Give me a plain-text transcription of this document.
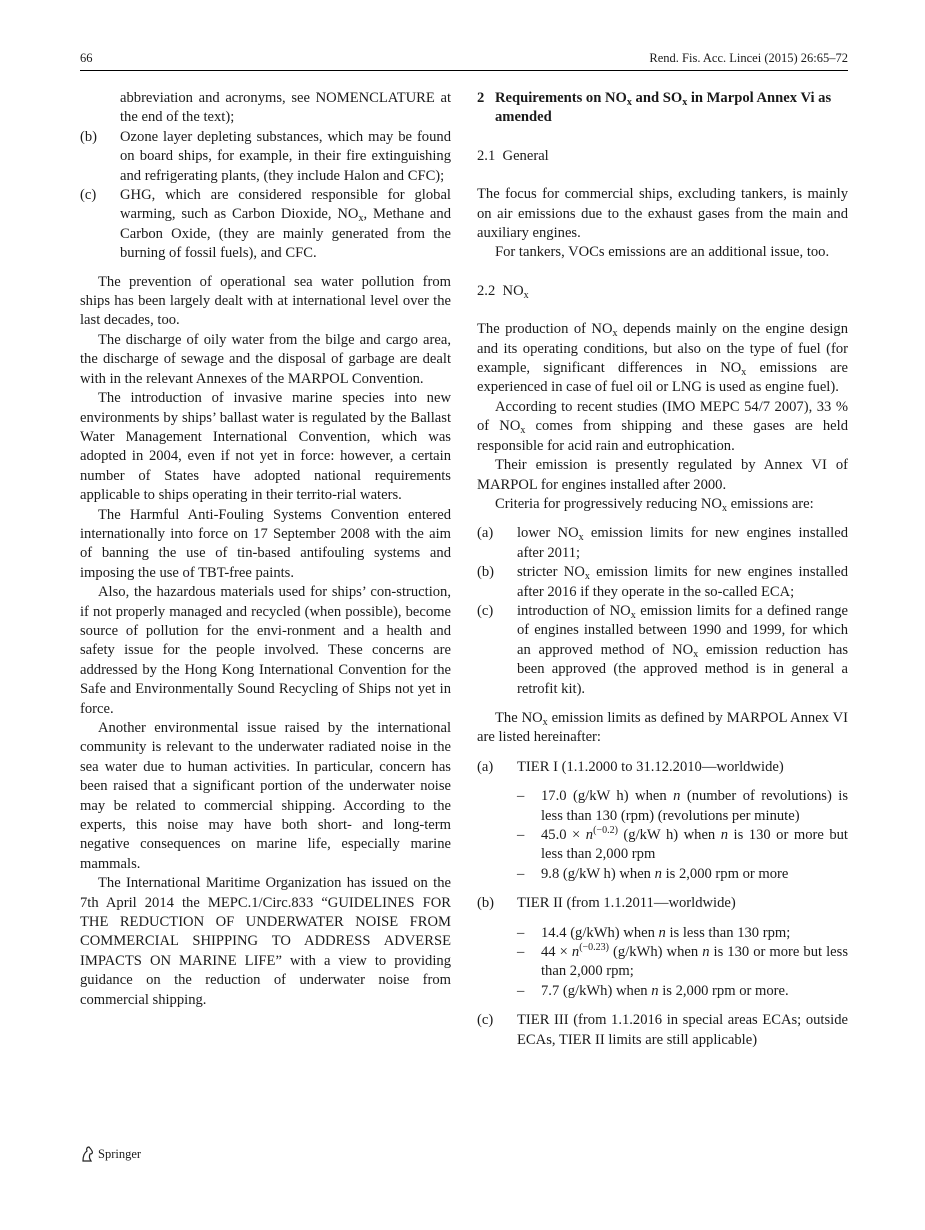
66	Rend. Fis. Acc. Lincei (2015) 26:65–72

abbreviation and acronyms, see NOMENCLATURE at the end of the text);

(b)	Ozone layer depleting substances, which may be found on board ships, for example, in their fire extinguishing and refrigerating plants, (they include Halon and CFC);
(c)	GHG, which are considered responsible for global warming, such as Carbon Dioxide, $NO_x$, Methane and Carbon Oxide, (they are mainly generated from the burning of fossil fuels), and CFC.

The prevention of operational sea water pollution from ships has been largely dealt with at international level over the last decades, too.

The discharge of oily water from the bilge and cargo area, the discharge of sewage and the disposal of garbage are dealt with in the relevant Annexes of the MARPOL Convention.

The introduction of invasive marine species into new environments by ships’ ballast water is regulated by the Ballast Water Management International Convention, which was adopted in 2004, even if not yet in force: however, a certain number of States have adopted national requirements applicable to ships operating in their territo-rial waters.

The Harmful Anti-Fouling Systems Convention entered internationally into force on 17 September 2008 with the aim of banning the use of tin-based antifouling systems and imposing the use of TBT-free paints.

Also, the hazardous materials used for ships’ con-struction, if not properly managed and recycled (when possible), become source of pollution for the envi-ronment and a health and safety issue for the people involved. These concerns are addressed by the Hong Kong International Convention for the Safe and Environmentally Sound Recycling of Ships not yet in force.

Another environmental issue raised by the international community is relevant to the underwater radiated noise in the sea water due to human activities. In particular, concern has been raised that a significant portion of the underwater noise may be related to commercial shipping. According to the experts, this noise may have both short- and long-term negative consequences on marine life, especially marine mammals.

The International Maritime Organization has issued on the 7th April 2014 the MEPC.1/Circ.833 “GUIDELINES FOR THE REDUCTION OF UNDERWATER NOISE FROM COMMERCIAL SHIPPING TO ADDRESS ADVERSE IMPACTS ON MARINE LIFE” with a view to providing guidance on the reduction of underwater noise from commercial shipping.

2 Requirements on $NO_x$ and $SO_x$ in Marpol Annex Vi as amended

2.1  General

The focus for commercial ships, excluding tankers, is mainly on air emissions due to the exhaust gases from the main and auxiliary engines.

For tankers, VOCs emissions are an additional issue, too.

2.2  $NO_x$

The production of $NO_x$ depends mainly on the engine design and its operating conditions, but also on the type of fuel (for example, significant differences in $NO_x$ emissions are experienced in case of fuel oil or LNG is used as engine fuel).

According to recent studies (IMO MEPC 54/7 2007), 33 % of $NO_x$ comes from shipping and these gases are held responsible for acid rain and eutrophication.

Their emission is presently regulated by Annex VI of MARPOL for engines installed after 2000.

Criteria for progressively reducing $NO_x$ emissions are:

(a)	lower $NO_x$ emission limits for new engines installed after 2011;
(b)	stricter $NO_x$ emission limits for new engines installed after 2016 if they operate in the so-called ECA;
(c)	introduction of $NO_x$ emission limits for a defined range of engines installed between 1990 and 1999, for which an approved method of $NO_x$ emission reduction has been approved (the approved method is in general a retrofit kit).

The $NO_x$ emission limits as defined by MARPOL Annex VI are listed hereinafter:

(a)	TIER I (1.1.2000 to 31.12.2010—worldwide)
–	17.0 (g/kW h) when n (number of revolutions) is less than 130 (rpm) (revolutions per minute)
–	$45.0 \times n^{(-0.2)}$ (g/kW h) when n is 130 or more but less than 2,000 rpm
–	9.8 (g/kW h) when n is 2,000 rpm or more
(b)	TIER II (from 1.1.2011—worldwide)
–	14.4 (g/kWh) when n is less than 130 rpm;
–	$44 \times n^{(-0.23)}$ (g/kWh) when n is 130 or more but less than 2,000 rpm;
–	7.7 (g/kWh) when n is 2,000 rpm or more.
(c)	TIER III (from 1.1.2016 in special areas ECAs; outside ECAs, TIER II limits are still applicable)
Springer
